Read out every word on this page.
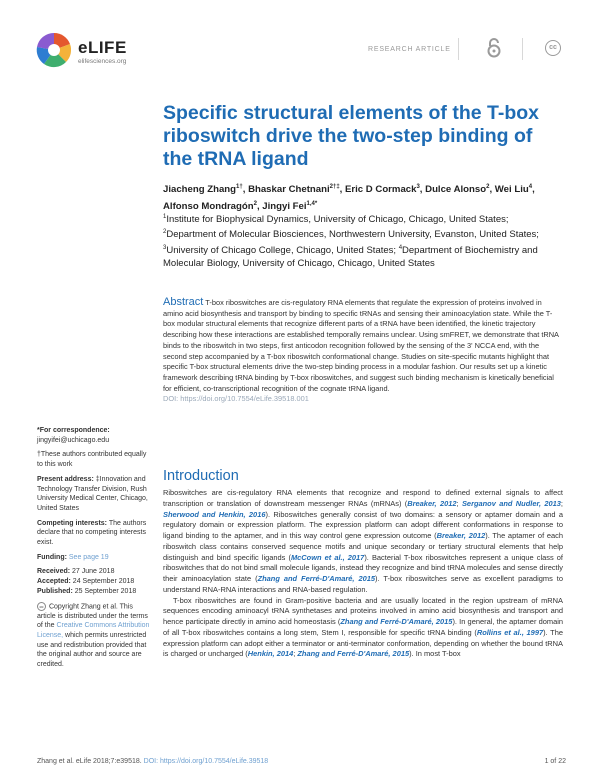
eLIFE
elifesciences.org
RESEARCH ARTICLE	cc
Specific structural elements of the T-box riboswitch drive the two-step binding of the tRNA ligand
Jiacheng Zhang$^{1\dagger}$, Bhaskar Chetnani$^{2\dagger\ddagger}$, Eric D Cormack$^3$, Dulce Alonso$^2$, Wei Liu$^4$, Alfonso Mondragón$^2$, Jingyi Fei$^{1,4*}$
$^1$Institute for Biophysical Dynamics, University of Chicago, Chicago, United States; $^2$Department of Molecular Biosciences, Northwestern University, Evanston, United States; $^3$University of Chicago College, Chicago, United States; $^4$Department of Biochemistry and Molecular Biology, University of Chicago, Chicago, United States
Abstract T-box riboswitches are cis-regulatory RNA elements that regulate the expression of proteins involved in amino acid biosynthesis and transport by binding to specific tRNAs and sensing their aminoacylation state. While the T-box modular structural elements that recognize different parts of a tRNA have been identified, the kinetic trajectory describing how these interactions are established temporally remains unclear. Using smFRET, we demonstrate that tRNA binds to the riboswitch in two steps, first anticodon recognition followed by the sensing of the 3' NCCA end, with the second step accompanied by a T-box riboswitch conformational change. Studies on site-specific mutants highlight that specific T-box structural elements drive the two-step binding process in a modular fashion. Our results set up a kinetic framework describing tRNA binding by T-box riboswitches, and suggest such binding mechanism is kinetically beneficial for efficient, co-transcriptional recognition of the cognate tRNA ligand.
DOI: https://doi.org/10.7554/eLife.39518.001

*For correspondence:
jingyifei@uchicago.edu

†These authors contributed equally to this work

Present address: ‡Innovation and Technology Transfer Division, Rush University Medical Center, Chicago, United States

Competing interests: The authors declare that no competing interests exist.

Funding: See page 19

Received: 27 June 2018

Accepted: 24 September 2018

Published: 25 September 2018

cc Copyright Zhang et al. This article is distributed under the terms of the Creative Commons Attribution License, which permits unrestricted use and redistribution provided that the original author and source are credited.

Introduction

Riboswitches are cis-regulatory RNA elements that recognize and respond to defined external signals to affect transcription or translation of downstream messenger RNAs (mRNAs) (Breaker, 2012; Serganov and Nudler, 2013; Sherwood and Henkin, 2016). Riboswitches generally consist of two domains: a sensory or aptamer domain and a regulatory domain or expression platform. The expression platform can adopt different conformations in response to ligand binding to the aptamer, and in this way control gene expression outcome (Breaker, 2012). The aptamer of each riboswitch class contains conserved sequence motifs and unique secondary or tertiary structural elements that help distinguish and bind specific ligands (McCown et al., 2017). Bacterial T-box riboswitches represent a unique class of riboswitches that do not bind small molecule ligands, instead they recognize and bind tRNA molecules and sense directly their aminoacylation state (Zhang and Ferré-D'Amaré, 2015). T-box riboswitches serve as excellent paradigms to understand RNA-RNA interactions and RNA-based regulation.

T-box riboswitches are found in Gram-positive bacteria and are usually located in the region upstream of mRNA sequences encoding aminoacyl tRNA synthetases and proteins involved in amino acid biosynthesis and transport and hence participate directly in amino acid homeostasis (Zhang and Ferré-D'Amaré, 2015). In general, the aptamer domain of all T-box riboswitches contains a long stem, Stem I, responsible for specific tRNA binding (Rollins et al., 1997). The expression platform can adopt either a terminator or anti-terminator conformation, depending on whether the bound tRNA is charged or uncharged (Henkin, 2014; Zhang and Ferré-D'Amaré, 2015). In most T-box

Zhang et al. eLife 2018;7:e39518. DOI: https://doi.org/10.7554/eLife.39518	1 of 22
